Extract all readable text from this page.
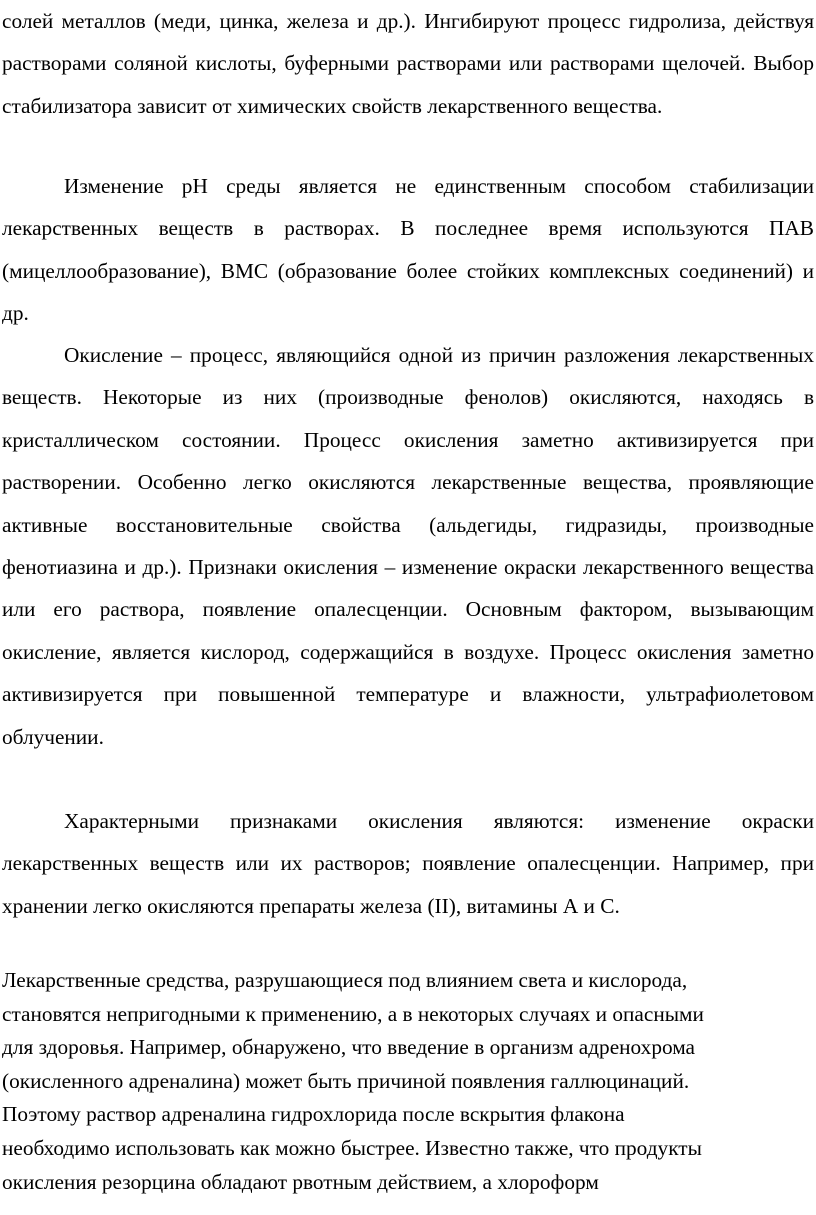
солей металлов (меди, цинка, железа и др.). Ингибируют процесс гидролиза, действуя растворами соляной кислоты, буферными растворами или растворами щелочей. Выбор стабилизатора зависит от химических свойств лекарственного вещества.

Изменение рН среды является не единственным способом стабилизации лекарственных веществ в растворах. В последнее время используются ПАВ (мицеллообразование), ВМС (образование более стойких комплексных соединений) и др.

Окисление – процесс, являющийся одной из причин разложения лекарственных веществ. Некоторые из них (производные фенолов) окисляются, находясь в кристаллическом состоянии. Процесс окисления заметно активизируется при растворении. Особенно легко окисляются лекарственные вещества, проявляющие активные восстановительные свойства (альдегиды, гидразиды, производные фенотиазина и др.). Признаки окисления – изменение окраски лекарственного вещества или его раствора, появление опалесценции. Основным фактором, вызывающим окисление, является кислород, содержащийся в воздухе. Процесс окисления заметно активизируется при повышенной температуре и влажности, ультрафиолетовом облучении.

Характерными признаками окисления являются: изменение окраски лекарственных веществ или их растворов; появление опалесценции. Например, при хранении легко окисляются препараты железа (II), витамины А и С.

Лекарственные средства, разрушающиеся под влиянием света и кислорода,
становятся непригодными к применению, а в некоторых случаях и опасными
для здоровья. Например, обнаружено, что введение в организм адренохрома
(окисленного адреналина) может быть причиной появления галлюцинаций.
Поэтому раствор адреналина гидрохлорида после вскрытия флакона
необходимо использовать как можно быстрее. Известно также, что продукты
окисления резорцина обладают рвотным действием, а хлороформ
